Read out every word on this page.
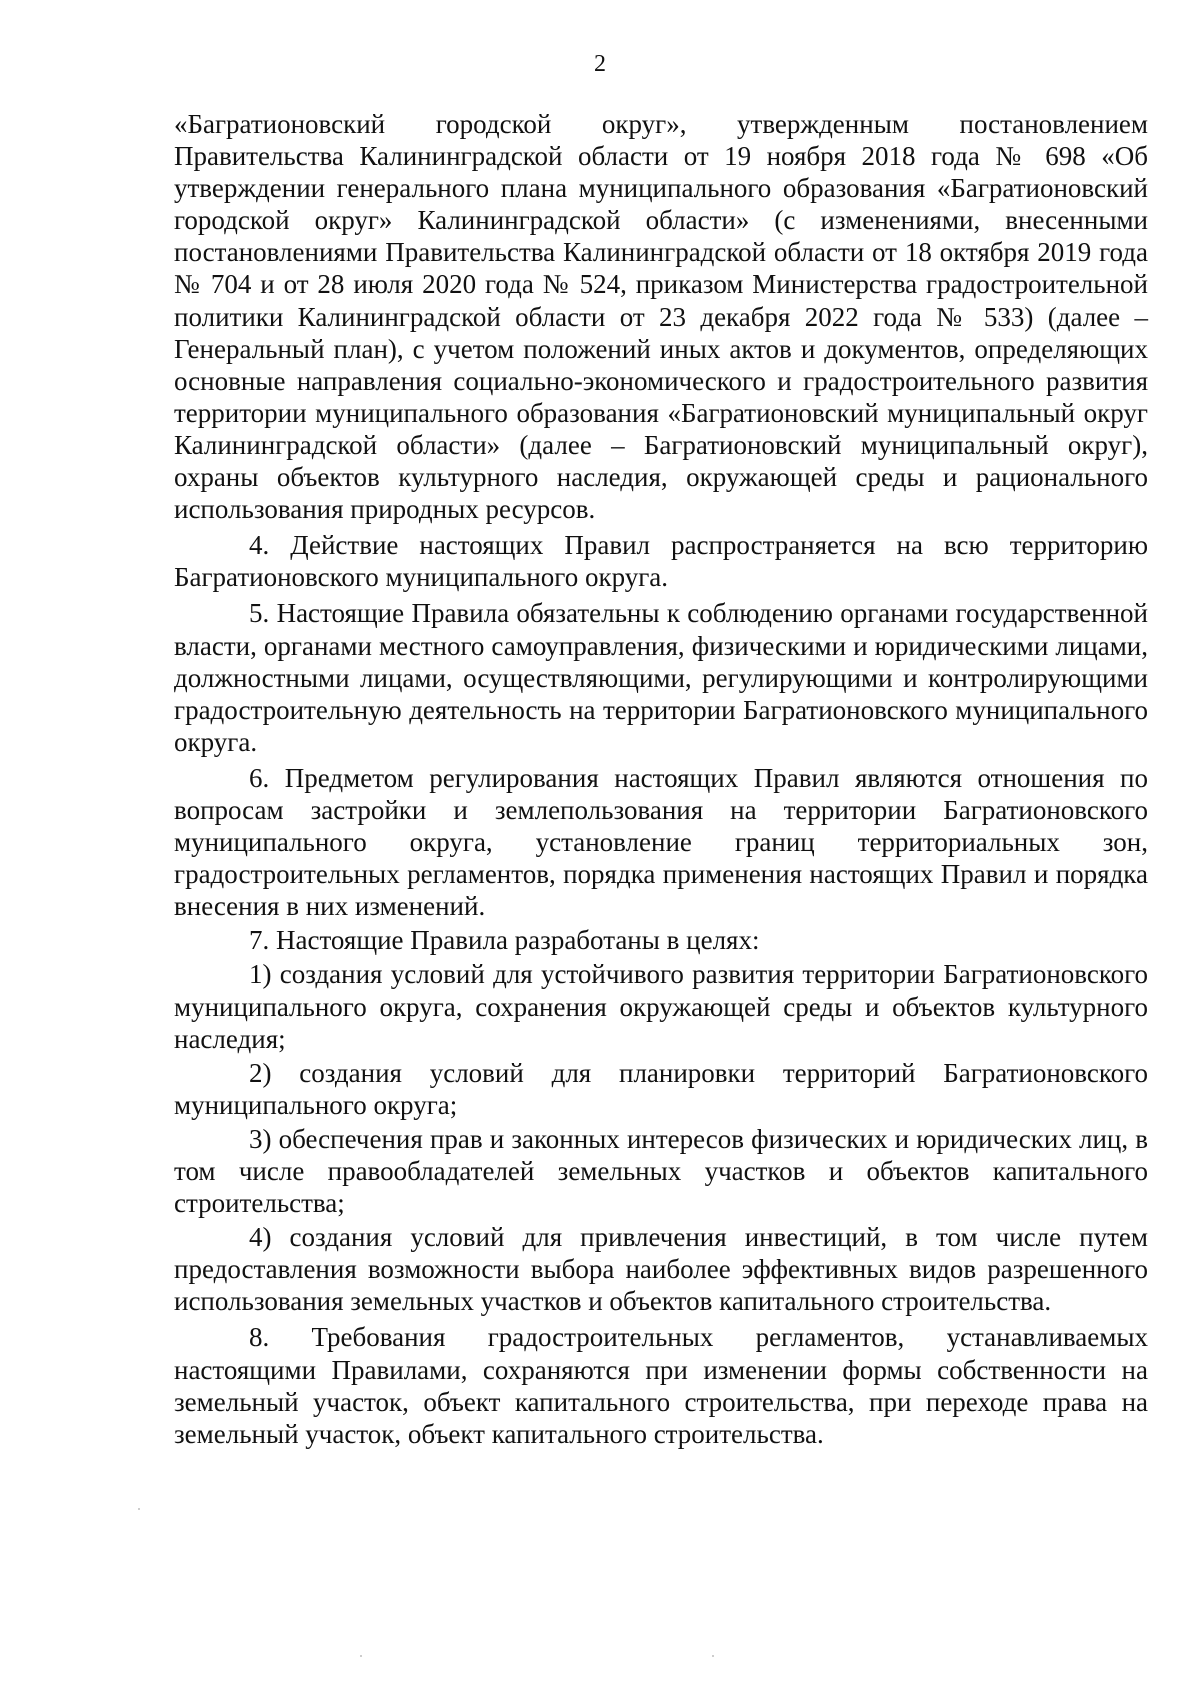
2

«Багратионовский городской округ», утвержденным постановлением Правительства Калининградской области от 19 ноября 2018 года № 698 «Об утверждении генерального плана муниципального образования «Багратионовский городской округ» Калининградской области» (с изменениями, внесенными постановлениями Правительства Калининградской области от 18 октября 2019 года № 704 и от 28 июля 2020 года № 524, приказом Министерства градостроительной политики Калининградской области от 23 декабря 2022 года № 533) (далее – Генеральный план), с учетом положений иных актов и документов, определяющих основные направления социально-экономического и градостроительного развития территории муниципального образования «Багратионовский муниципальный округ Калининградской области» (далее – Багратионовский муниципальный округ), охраны объектов культурного наследия, окружающей среды и рационального использования природных ресурсов.

4. Действие настоящих Правил распространяется на всю территорию Багратионовского муниципального округа.

5. Настоящие Правила обязательны к соблюдению органами государственной власти, органами местного самоуправления, физическими и юридическими лицами, должностными лицами, осуществляющими, регулирующими и контролирующими градостроительную деятельность на территории Багратионовского муниципального округа.

6. Предметом регулирования настоящих Правил являются отношения по вопросам застройки и землепользования на территории Багратионовского муниципального округа, установление границ территориальных зон, градостроительных регламентов, порядка применения настоящих Правил и порядка внесения в них изменений.

7. Настоящие Правила разработаны в целях:

1) создания условий для устойчивого развития территории Багратионовского муниципального округа, сохранения окружающей среды и объектов культурного наследия;

2) создания условий для планировки территорий Багратионовского муниципального округа;

3) обеспечения прав и законных интересов физических и юридических лиц, в том числе правообладателей земельных участков и объектов капитального строительства;

4) создания условий для привлечения инвестиций, в том числе путем предоставления возможности выбора наиболее эффективных видов разрешенного использования земельных участков и объектов капитального строительства.

8. Требования градостроительных регламентов, устанавливаемых настоящими Правилами, сохраняются при изменении формы собственности на земельный участок, объект капитального строительства, при переходе права на земельный участок, объект капитального строительства.
